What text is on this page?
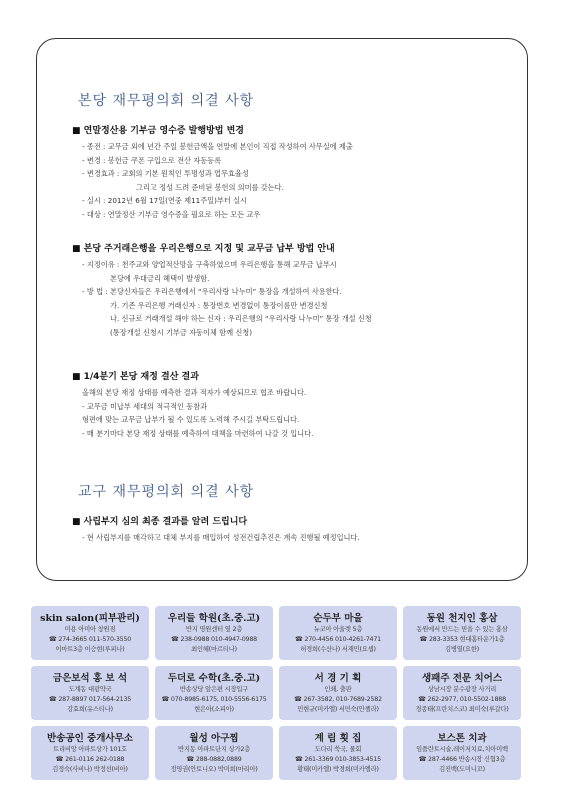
본당 재무평의회 의결 사항

■ 연말정산용 기부금 영수증 발행방법 변경

- 종전 : 교무금 외에 년간 주일 봉헌금액을 연말에 본인이 직접 작성하여 사무실에 제출

- 변경 : 봉헌금 쿠폰 구입으로 전산 자동등록

- 변경효과 : 교회의 기본 원칙인 투명성과 업무효율성

그리고 정성 드려 준비된 봉헌의 의미를 갖는다.

- 실시 : 2012년 6월 17일(연중 제11주일)부터 실시

- 대상 : 연말정산 기부금 영수증을 필요로 하는 모든 교우

■ 본당 주거래은행을 우리은행으로 지정 및 교무금 납부 방법 안내

- 지정이유 : 천주교와 양업적산망을 구축하였으며 우리은행을 통해 교무금 납부시

본당에 우대금리 혜택이 발생함.

- 방 법 : 본당신자들은 우리은행에서 “우리사랑 나누미” 통장을 개설하여 사용한다.

가. 기존 우리은행 거래신자 : 통장번호 변경없이 통장이름만 변경신청

나. 신규로 거래개설 해야 하는 신자 : 우리은행의 “우리사랑 나누미” 통장 개설 신청

(통장개설 신청시 기부금 자동이체 함께 신청)

■ 1/4분기 본당 재정 결산 결과

올해의 본당 재정 상태를 예측한 결과 적자가 예상되므로 협조 바랍니다.

- 교무금 미납부 세대의 적극적인 동참과

형편에 맞는 교무금 납부가 될 수 있도록 노력해 주시길 부탁드립니다.

- 매 분기마다 본당 재정 상태를 예측하여 대책을 마련하여 나갈 것 입니다.

교구 재무평의회 의결 사항

■ 사립부지 심의 최종 결과를 알려 드립니다

- 현 사립부지를 매각하고 대체 부지를 매입하여 성전건립추진은 계속 진행될 예정입니다.

skin salon(피부관리)
미용 아미아 창원점
☎ 274-3665 011-570-3550
이마트3층 이승현(루피나)
우리들 학원(초.중.고)
반지 명원센터 옆 2층
☎ 238-0988 010-4947-0988
최인혜(마르티나)
순두부 마을
뉴코아 아울렛 5층
☎ 270-4456 010-4261-7471
허경희(수산나) 서재민(요셉)
동원 천지인 홍삼
동원에서 만드는 믿을 수 있는 홍삼
☎ 283-3353 현대홈타운가1층
김병열(요한)
금은보석 홍 보 석
도계동 대광약국
☎ 287-8897 017-564-2135
강효희(유스티나)
두더로 수학(초.중.고)
반송상당 앞은편 시장입구
☎ 070-8985-6175, 010-5556-6175
현은아(소피아)
서 경 기 획
인쇄, 출판
☎ 267-3582, 010-7689-2582
민현규(미카엘) 서민숙(안젤라)
생패주 전문 치어스
상남시장 분수광장 사거리
☎ 262-2977, 010-5502-1888
경종태(프란치스코) 최미숙(루갈다)
반송공인 중개사무소
트리비앙 아파트상가 101호
☎ 261-0116 262-0188
김정숙(사비나) 박정선(비아)
월성 아구찜
반지동 아파트단지 상가2층
☎ 288-0882,0889
정영권(안토니오) 박미희(마리아)
계 림 횟 집
도다리 쑥국, 물회
☎ 261-3369 010-3853-4515
황태(미카엘) 박경희(미카엘라)
보스톤 치과
임플란트시술,레이저치료,치아미백
☎ 287-4466 반송시장 신협3층
김진백(도미니꼬)
